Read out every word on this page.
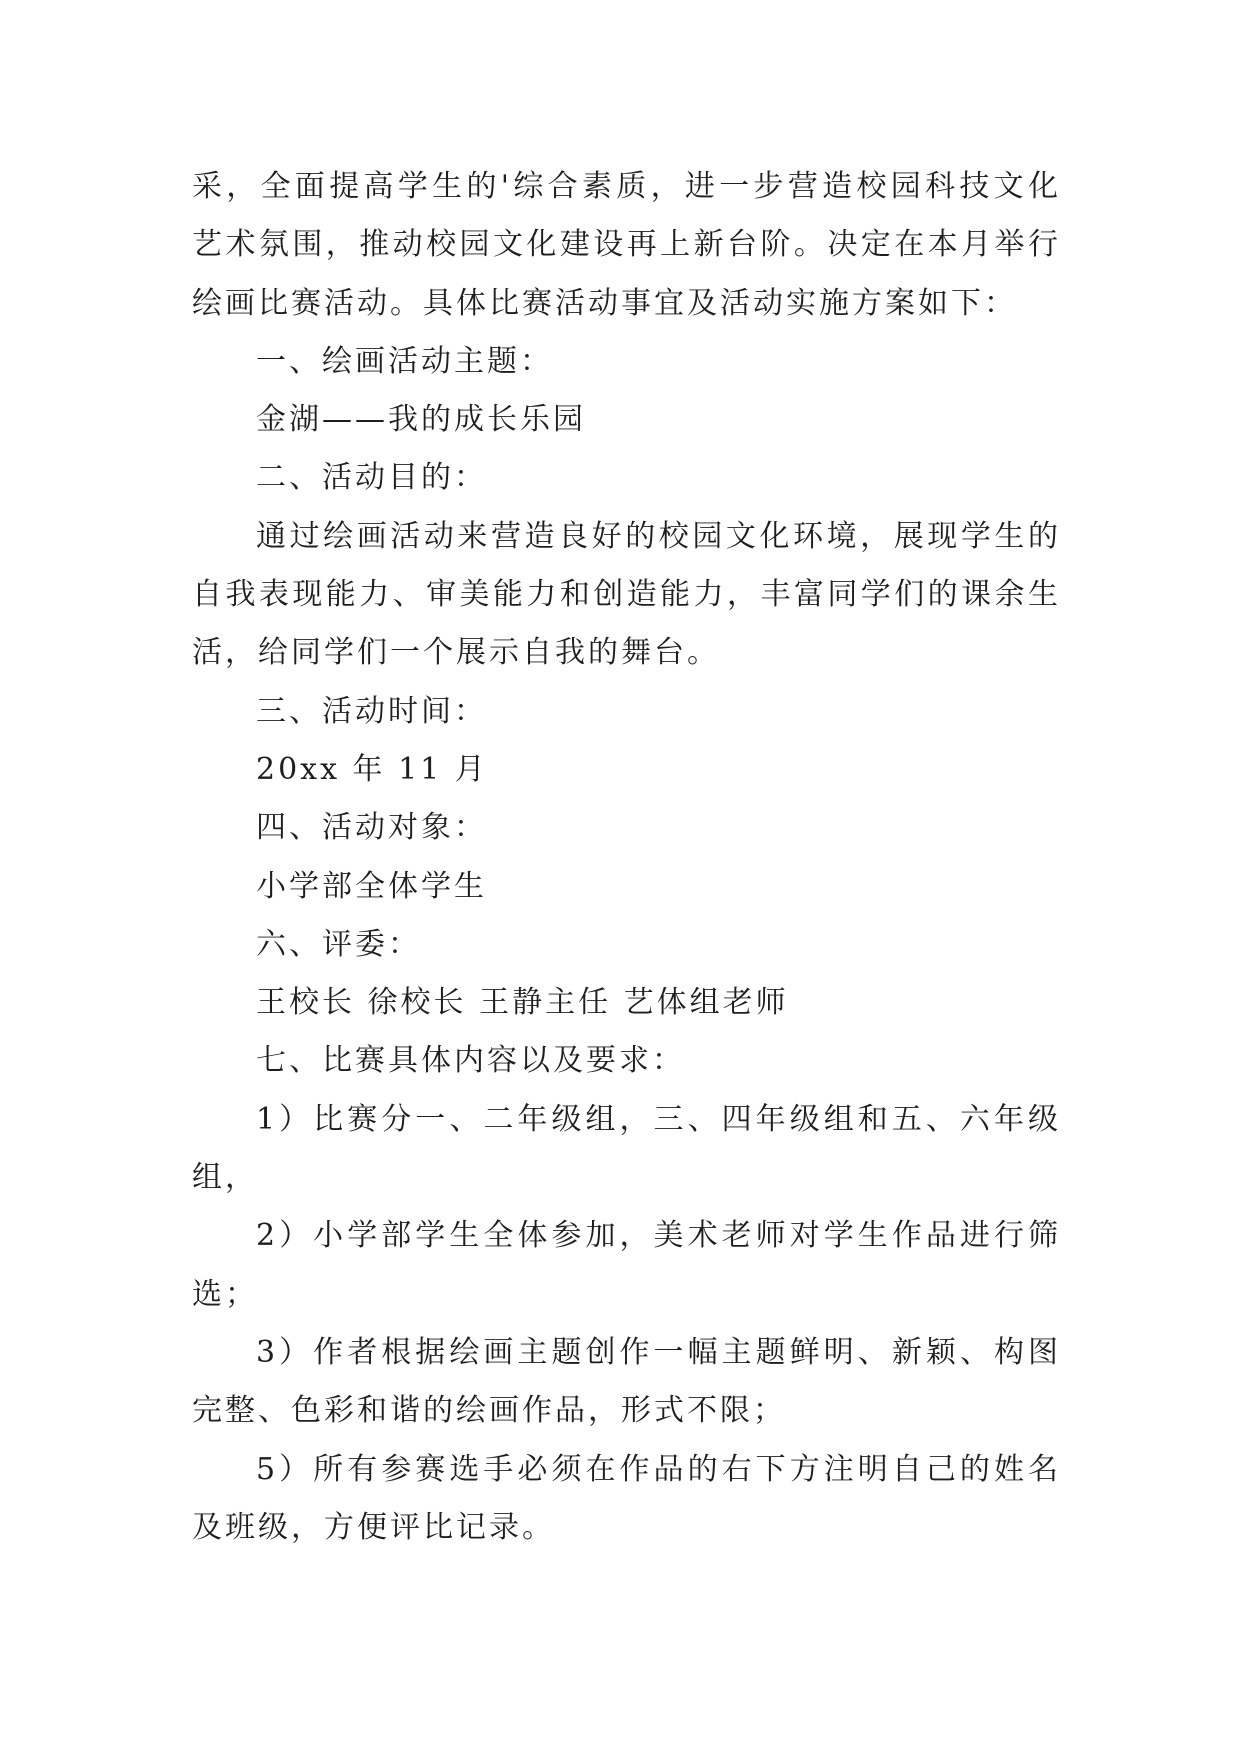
采，全面提高学生的'综合素质，进一步营造校园科技文化

艺术氛围，推动校园文化建设再上新台阶。决定在本月举行

绘画比赛活动。具体比赛活动事宜及活动实施方案如下：

一、绘画活动主题：

金湖——我的成长乐园

二、活动目的：

通过绘画活动来营造良好的校园文化环境，展现学生的

自我表现能力、审美能力和创造能力，丰富同学们的课余生

活，给同学们一个展示自我的舞台。

三、活动时间：

20xx 年 11 月

四、活动对象：

小学部全体学生

六、评委：

王校长 徐校长 王静主任 艺体组老师

七、比赛具体内容以及要求：

1）比赛分一、二年级组，三、四年级组和五、六年级

组，

2）小学部学生全体参加，美术老师对学生作品进行筛

选；

3）作者根据绘画主题创作一幅主题鲜明、新颖、构图

完整、色彩和谐的绘画作品，形式不限；

5）所有参赛选手必须在作品的右下方注明自己的姓名

及班级，方便评比记录。
